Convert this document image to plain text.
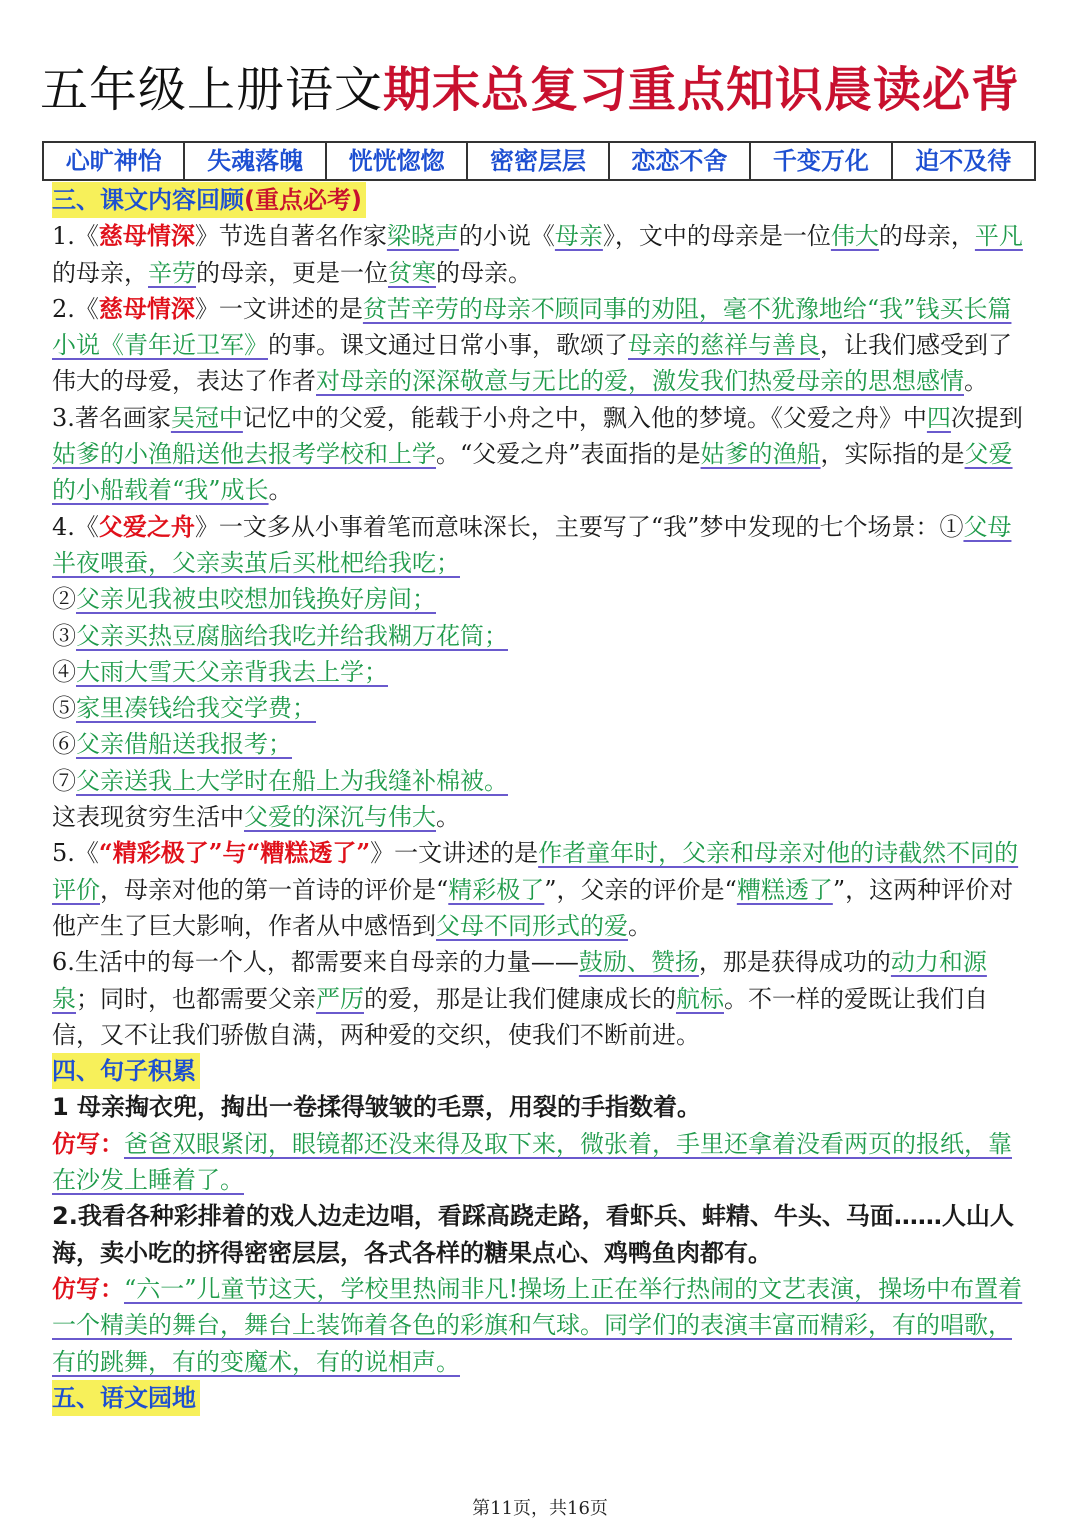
五年级上册语文期末总复习重点知识晨读必背
心旷神怡	失魂落魄	恍恍惚惚	密密层层	恋恋不舍	千变万化	迫不及待

三、课文内容回顾(重点必考)

1.《慈母情深》节选自著名作家梁晓声的小说《母亲》，文中的母亲是一位伟大的母亲，平凡的母亲，辛劳的母亲，更是一位贫寒的母亲。

2.《慈母情深》一文讲述的是贫苦辛劳的母亲不顾同事的劝阻，毫不犹豫地给“我”钱买长篇小说《青年近卫军》的事。课文通过日常小事，歌颂了母亲的慈祥与善良，让我们感受到了伟大的母爱，表达了作者对母亲的深深敬意与无比的爱，激发我们热爱母亲的思想感情。

3.著名画家吴冠中记忆中的父爱，能载于小舟之中，飘入他的梦境。《父爱之舟》中四次提到姑爹的小渔船送他去报考学校和上学。“父爱之舟”表面指的是姑爹的渔船，实际指的是父爱的小船载着“我”成长。

4.《父爱之舟》一文多从小事着笔而意味深长，主要写了“我”梦中发现的七个场景：①父母半夜喂蚕，父亲卖茧后买枇杷给我吃；

②父亲见我被虫咬想加钱换好房间；

③父亲买热豆腐脑给我吃并给我糊万花筒；

④大雨大雪天父亲背我去上学；

⑤家里凑钱给我交学费；

⑥父亲借船送我报考；

⑦父亲送我上大学时在船上为我缝补棉被。

这表现贫穷生活中父爱的深沉与伟大。

5.《“精彩极了”与“糟糕透了”》一文讲述的是作者童年时，父亲和母亲对他的诗截然不同的评价，母亲对他的第一首诗的评价是“精彩极了”，父亲的评价是“糟糕透了”，这两种评价对他产生了巨大影响，作者从中感悟到父母不同形式的爱。

6.生活中的每一个人，都需要来自母亲的力量——鼓励、赞扬，那是获得成功的动力和源泉；同时，也都需要父亲严厉的爱，那是让我们健康成长的航标。不一样的爱既让我们自信，又不让我们骄傲自满，两种爱的交织，使我们不断前进。

四、句子积累

1 母亲掏衣兜，掏出一卷揉得皱皱的毛票，用裂的手指数着。

仿写：爸爸双眼紧闭，眼镜都还没来得及取下来，微张着，手里还拿着没看两页的报纸，靠在沙发上睡着了。

2.我看各种彩排着的戏人边走边唱，看踩高跷走路，看虾兵、蚌精、牛头、马面……人山人海，卖小吃的挤得密密层层，各式各样的糖果点心、鸡鸭鱼肉都有。

仿写：“六一”儿童节这天，学校里热闹非凡!操场上正在举行热闹的文艺表演，操场中布置着一个精美的舞台，舞台上装饰着各色的彩旗和气球。同学们的表演丰富而精彩，有的唱歌，有的跳舞，有的变魔术，有的说相声。

五、语文园地

第11页，共16页
